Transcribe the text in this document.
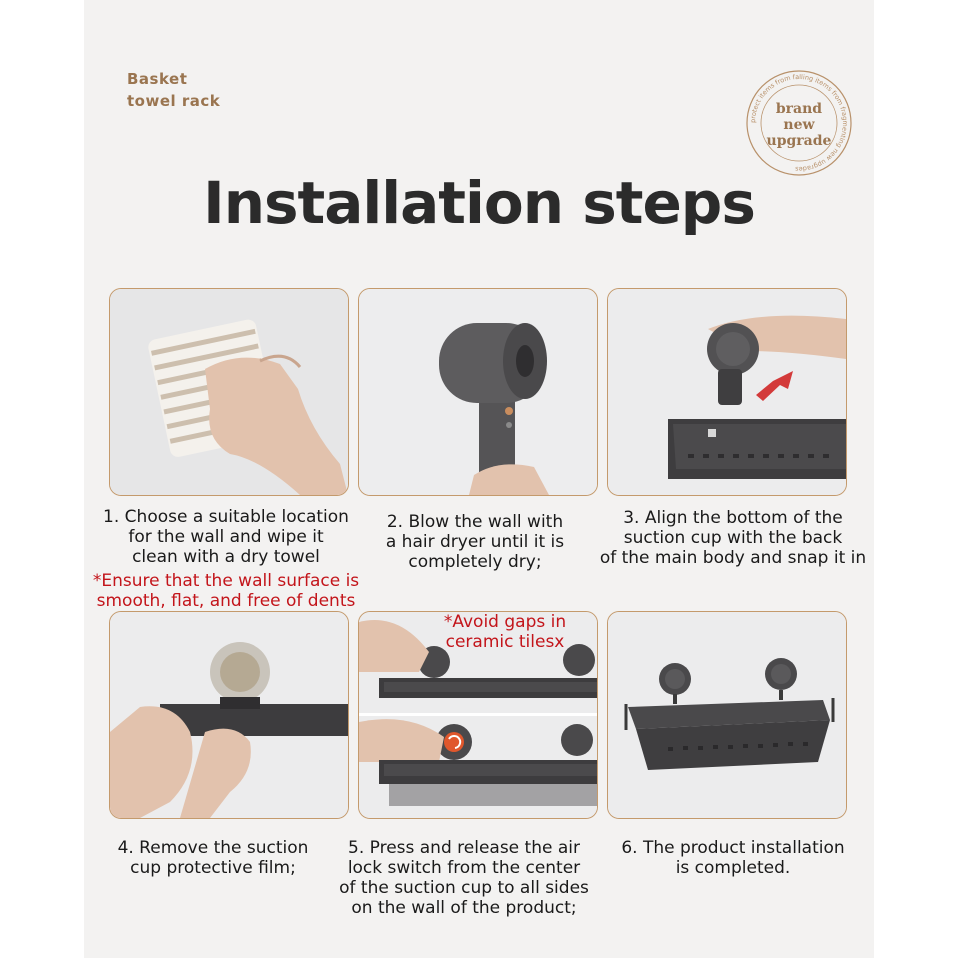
Basket
towel rack
protect items from falling items from fragmenting new upgrades
brand
new
upgrade
Installation steps
1. Choose a suitable location
for the wall and wipe it
clean with a dry towel
*Ensure that the wall surface is
smooth, flat, and free of dents
2. Blow the wall with
a hair dryer until it is
completely dry;
3. Align the bottom of the
suction cup with the back
of the main body and snap it in
*Avoid gaps in
ceramic tilesx
4. Remove the suction
cup protective film;
5. Press and release the air
lock switch from the center
of the suction cup to all sides
on the wall of the product;
6. The product installation
is completed.
